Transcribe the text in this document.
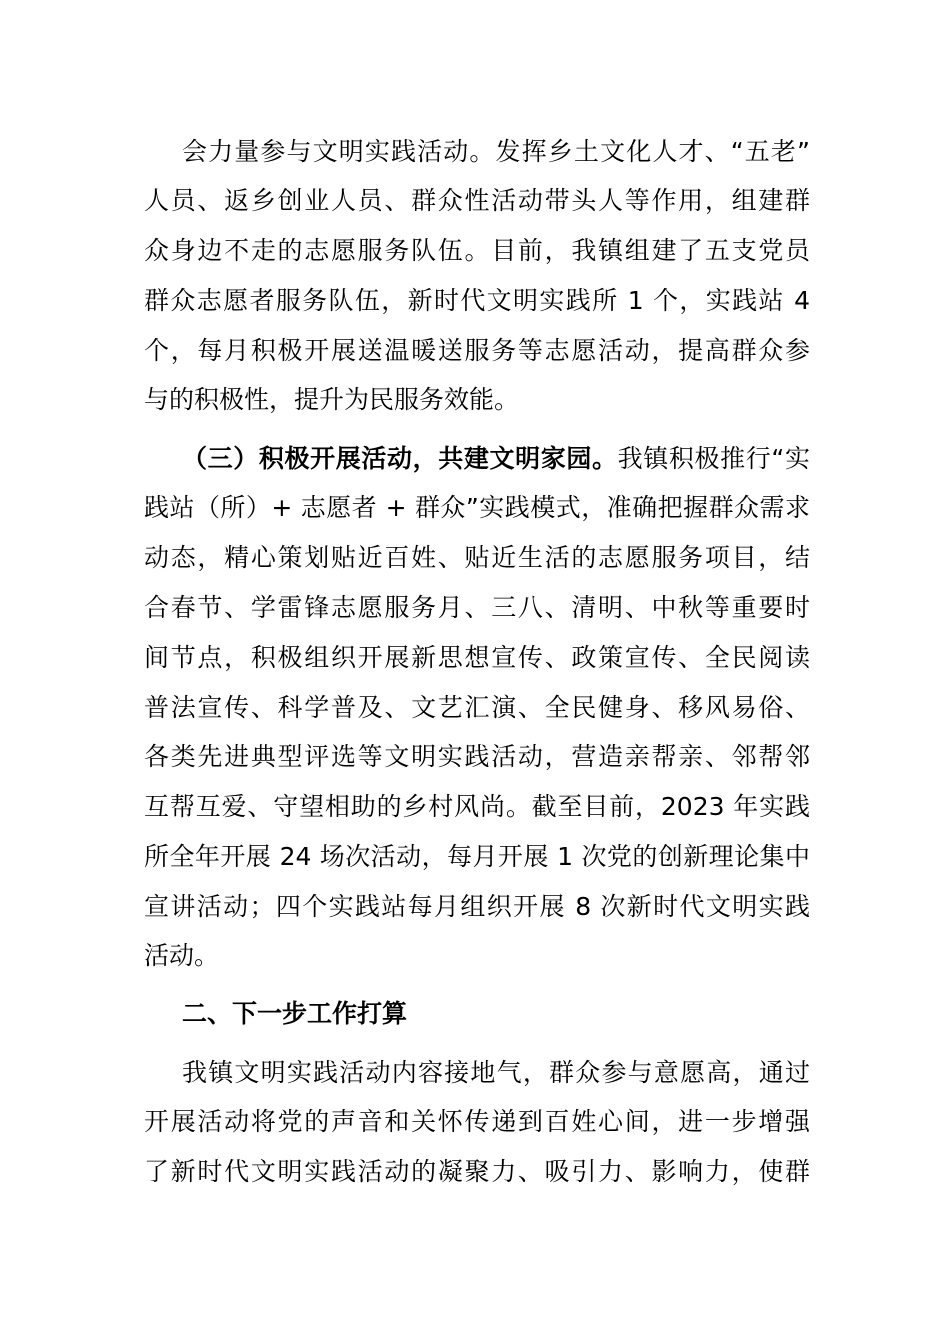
会力量参与文明实践活动。发挥乡土文化人才、“五老”
人员、返乡创业人员、群众性活动带头人等作用，组建群
众身边不走的志愿服务队伍。目前，我镇组建了五支党员
群众志愿者服务队伍，新时代文明实践所 1 个，实践站 4
个，每月积极开展送温暖送服务等志愿活动，提高群众参
与的积极性，提升为民服务效能。
（三）积极开展活动，共建文明家园。我镇积极推行“实
践站（所）+ 志愿者 + 群众”实践模式，准确把握群众需求
动态，精心策划贴近百姓、贴近生活的志愿服务项目，结
合春节、学雷锋志愿服务月、三八、清明、中秋等重要时
间节点，积极组织开展新思想宣传、政策宣传、全民阅读
普法宣传、科学普及、文艺汇演、全民健身、移风易俗、
各类先进典型评选等文明实践活动，营造亲帮亲、邻帮邻
互帮互爱、守望相助的乡村风尚。截至目前，2023 年实践
所全年开展 24 场次活动，每月开展 1 次党的创新理论集中
宣讲活动；四个实践站每月组织开展 8 次新时代文明实践
活动。
二、下一步工作打算
我镇文明实践活动内容接地气，群众参与意愿高，通过
开展活动将党的声音和关怀传递到百姓心间，进一步增强
了新时代文明实践活动的凝聚力、吸引力、影响力，使群
